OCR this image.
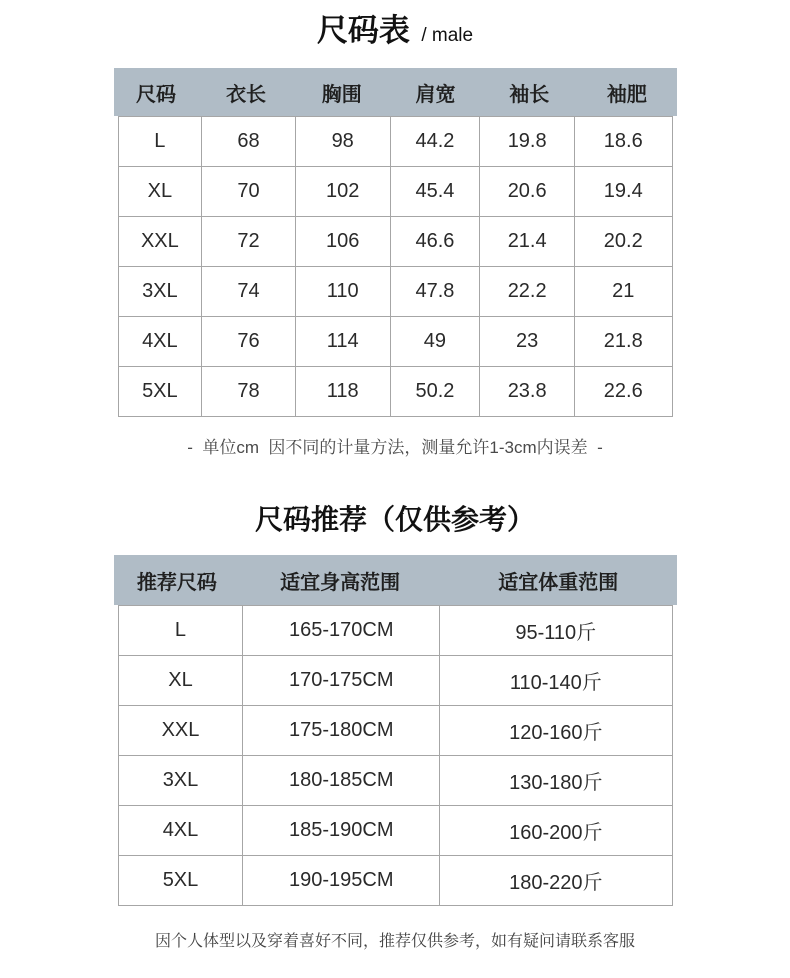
尺码表 / male
尺码	衣长	胸围	肩宽	袖长	袖肥
L	68	98	44.2	19.8	18.6
XL	70	102	45.4	20.6	19.4
XXL	72	106	46.6	21.4	20.2
3XL	74	110	47.8	22.2	21
4XL	76	114	49	23	21.8
5XL	78	118	50.2	23.8	22.6
-  单位cm  因不同的计量方法，测量允许1-3cm内误差  -
尺码推荐（仅供参考）
推荐尺码	适宜身高范围	适宜体重范围
L	165-170CM	95-110斤
XL	170-175CM	110-140斤
XXL	175-180CM	120-160斤
3XL	180-185CM	130-180斤
4XL	185-190CM	160-200斤
5XL	190-195CM	180-220斤
因个人体型以及穿着喜好不同，推荐仅供参考，如有疑问请联系客服
